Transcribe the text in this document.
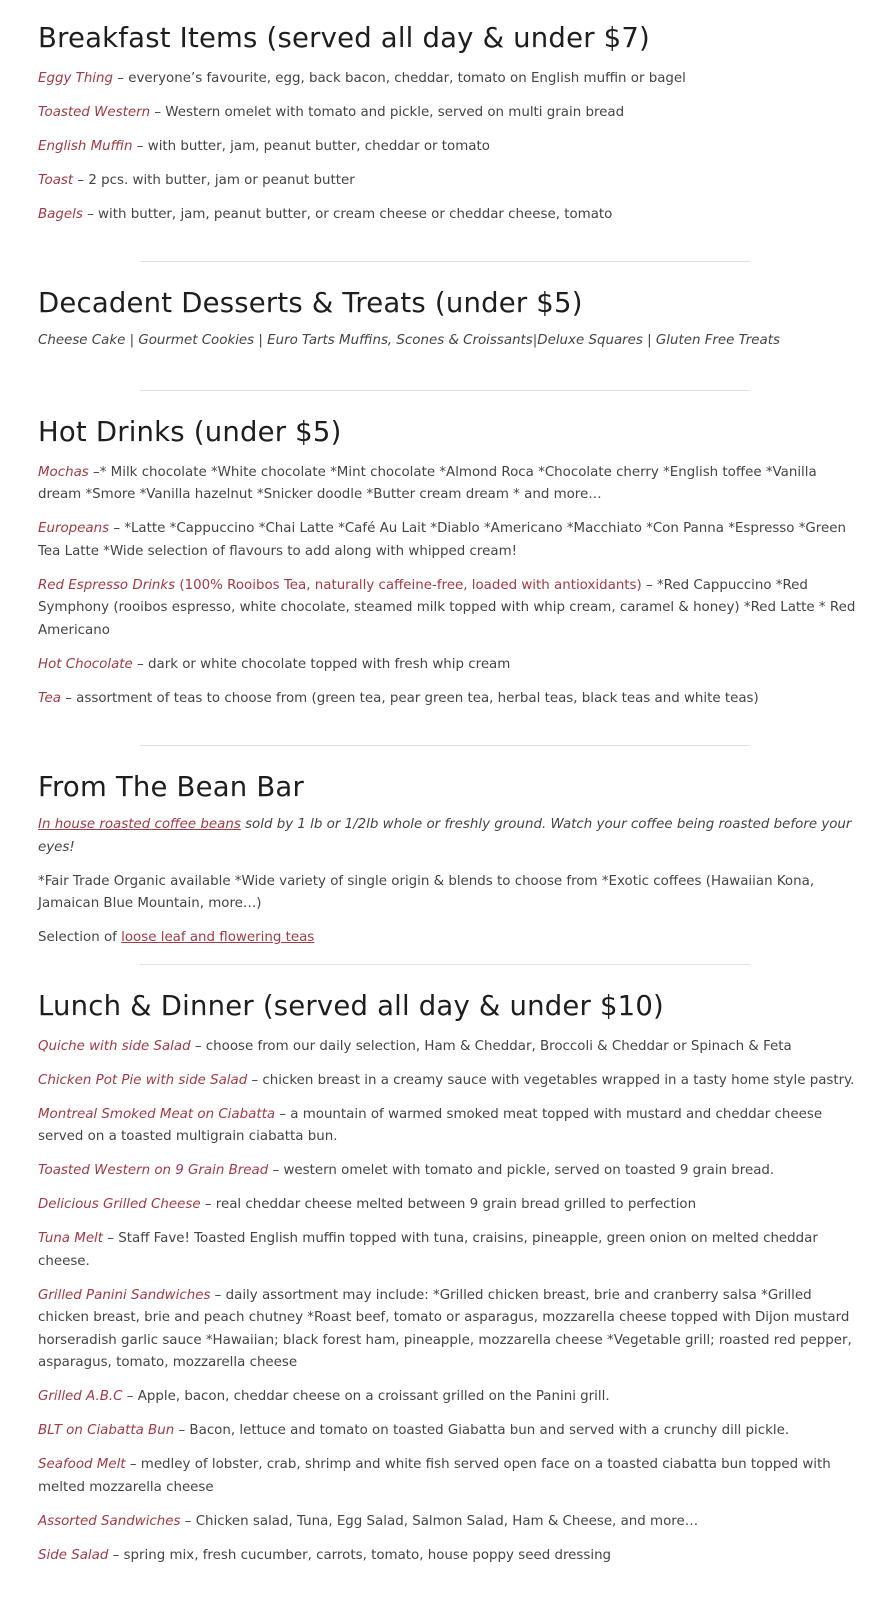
Breakfast Items (served all day & under $7)

Eggy Thing – everyone’s favourite, egg, back bacon, cheddar, tomato on English muffin or bagel

Toasted Western – Western omelet with tomato and pickle, served on multi grain bread

English Muffin – with butter, jam, peanut butter, cheddar or tomato

Toast – 2 pcs. with butter, jam or peanut butter

Bagels – with butter, jam, peanut butter, or cream cheese or cheddar cheese, tomato

Decadent Desserts & Treats (under $5)

Cheese Cake | Gourmet Cookies | Euro Tarts Muffins, Scones & Croissants|Deluxe Squares | Gluten Free Treats

Hot Drinks (under $5)

Mochas –* Milk chocolate *White chocolate *Mint chocolate *Almond Roca *Chocolate cherry *English toffee *Vanilla dream *Smore *Vanilla hazelnut *Snicker doodle *Butter cream dream * and more…

Europeans – *Latte *Cappuccino *Chai Latte *Café Au Lait *Diablo *Americano *Macchiato *Con Panna *Espresso *Green Tea Latte *Wide selection of flavours to add along with whipped cream!

Red Espresso Drinks (100% Rooibos Tea, naturally caffeine-free, loaded with antioxidants) – *Red Cappuccino *Red Symphony (rooibos espresso, white chocolate, steamed milk topped with whip cream, caramel & honey) *Red Latte * Red Americano

Hot Chocolate – dark or white chocolate topped with fresh whip cream

Tea – assortment of teas to choose from (green tea, pear green tea, herbal teas, black teas and white teas)

From The Bean Bar

In house roasted coffee beans sold by 1 lb or 1/2lb whole or freshly ground. Watch your coffee being roasted before your eyes!

*Fair Trade Organic available *Wide variety of single origin & blends to choose from *Exotic coffees (Hawaiian Kona, Jamaican Blue Mountain, more…)

Selection of loose leaf and flowering teas

Lunch & Dinner (served all day & under $10)

Quiche with side Salad – choose from our daily selection, Ham & Cheddar, Broccoli & Cheddar or Spinach & Feta

Chicken Pot Pie with side Salad – chicken breast in a creamy sauce with vegetables wrapped in a tasty home style pastry.

Montreal Smoked Meat on Ciabatta – a mountain of warmed smoked meat topped with mustard and cheddar cheese served on a toasted multigrain ciabatta bun.

Toasted Western on 9 Grain Bread – western omelet with tomato and pickle, served on toasted 9 grain bread.

Delicious Grilled Cheese – real cheddar cheese melted between 9 grain bread grilled to perfection

Tuna Melt – Staff Fave! Toasted English muffin topped with tuna, craisins, pineapple, green onion on melted cheddar cheese.

Grilled Panini Sandwiches – daily assortment may include: *Grilled chicken breast, brie and cranberry salsa *Grilled chicken breast, brie and peach chutney *Roast beef, tomato or asparagus, mozzarella cheese topped with Dijon mustard horseradish garlic sauce *Hawaiian; black forest ham, pineapple, mozzarella cheese *Vegetable grill; roasted red pepper, asparagus, tomato, mozzarella cheese

Grilled A.B.C – Apple, bacon, cheddar cheese on a croissant grilled on the Panini grill.

BLT on Ciabatta Bun – Bacon, lettuce and tomato on toasted Giabatta bun and served with a crunchy dill pickle.

Seafood Melt – medley of lobster, crab, shrimp and white fish served open face on a toasted ciabatta bun topped with melted mozzarella cheese

Assorted Sandwiches – Chicken salad, Tuna, Egg Salad, Salmon Salad, Ham & Cheese, and more…

Side Salad – spring mix, fresh cucumber, carrots, tomato, house poppy seed dressing
